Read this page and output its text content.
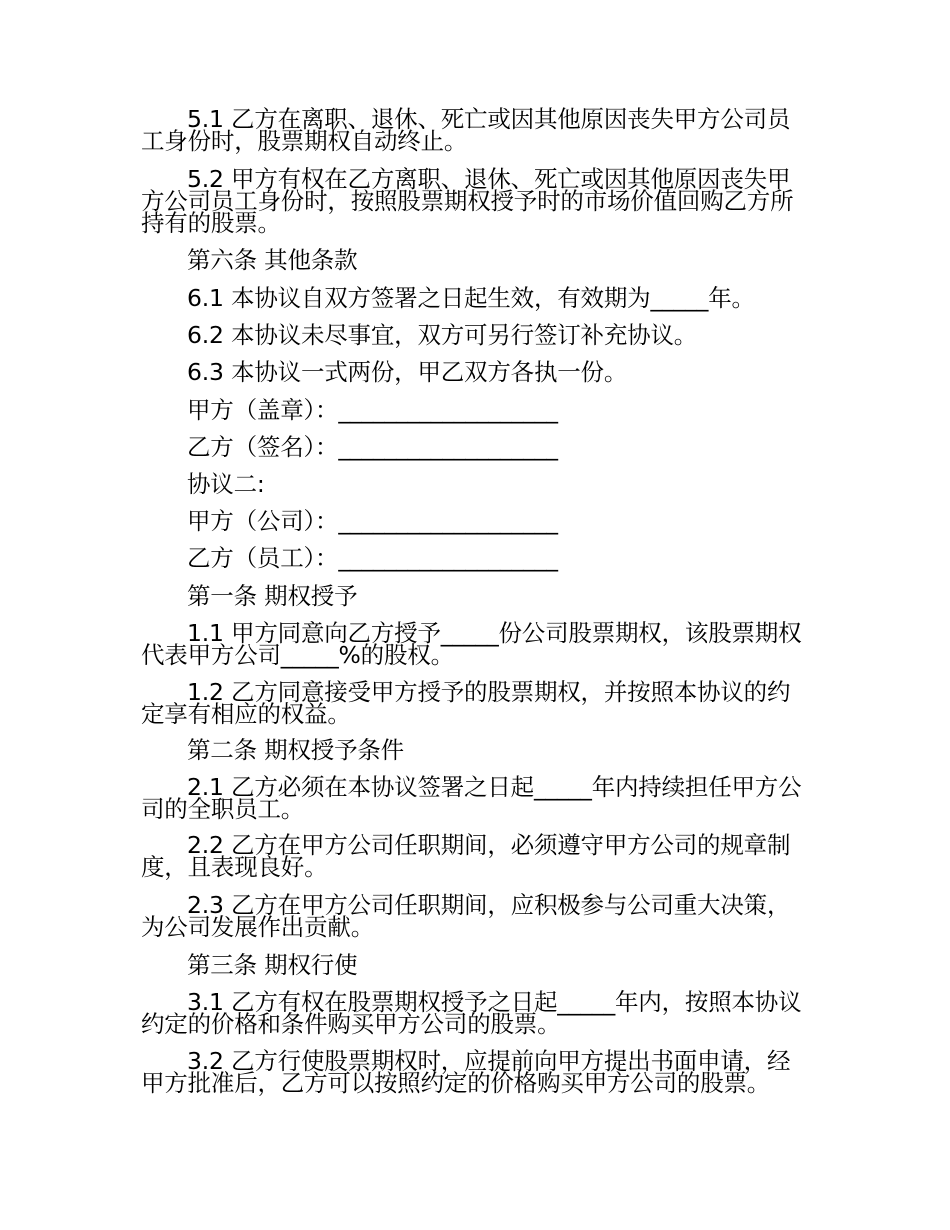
5.1 乙方在离职、退休、死亡或因其他原因丧失甲方公司员工身份时，股票期权自动终止。
5.2 甲方有权在乙方离职、退休、死亡或因其他原因丧失甲方公司员工身份时，按照股票期权授予时的市场价值回购乙方所持有的股票。
第六条 其他条款
6.1 本协议自双方签署之日起生效，有效期为_____年。
6.2 本协议未尽事宜，双方可另行签订补充协议。
6.3 本协议一式两份，甲乙双方各执一份。
甲方（盖章）：___________________
乙方（签名）：___________________
协议二:
甲方（公司）：___________________
乙方（员工）：___________________
第一条 期权授予
1.1 甲方同意向乙方授予_____份公司股票期权，该股票期权代表甲方公司_____%的股权。
1.2 乙方同意接受甲方授予的股票期权，并按照本协议的约定享有相应的权益。
第二条 期权授予条件
2.1 乙方必须在本协议签署之日起_____年内持续担任甲方公司的全职员工。
2.2 乙方在甲方公司任职期间，必须遵守甲方公司的规章制度，且表现良好。
2.3 乙方在甲方公司任职期间，应积极参与公司重大决策，为公司发展作出贡献。
第三条 期权行使
3.1 乙方有权在股票期权授予之日起_____年内，按照本协议约定的价格和条件购买甲方公司的股票。
3.2 乙方行使股票期权时，应提前向甲方提出书面申请，经甲方批准后，乙方可以按照约定的价格购买甲方公司的股票。
